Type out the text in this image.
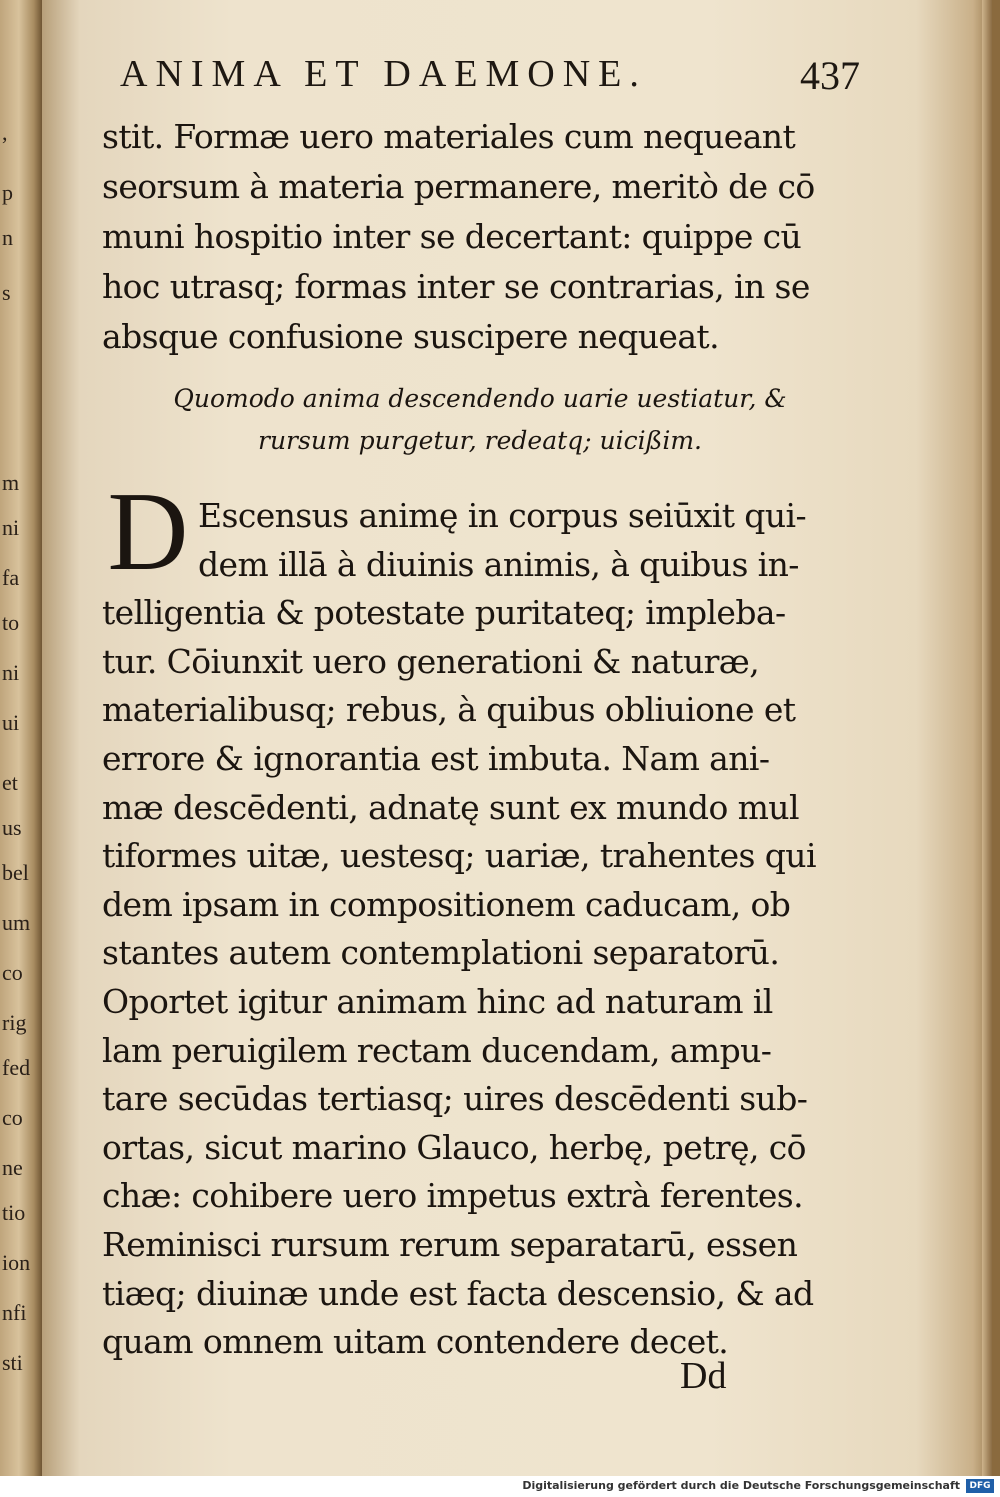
,
p
n
s
m
ni
fa
to
ni
ui
et
us
bel
um
co
rig
fed
co
ne
tio
ion
nfi
sti
ANIMA ET DAEMONE.	437
stit. Formæ uero materiales cum nequeant
seorsum à materia permanere, meritò de cō
muni hospitio inter se decertant: quippe cū
hoc utrasq; formas inter se contrarias, in se
absque confusione suscipere nequeat.
Quomodo anima descendendo uarie uestiatur, &
rursum purgetur, redeatq; uicißim.
D Escensus animę in corpus seiūxit qui-
dem illā à diuinis animis, à quibus in-
telligentia & potestate puritateq; impleba-
tur. Cōiunxit uero generationi & naturæ,
materialibusq; rebus, à quibus obliuione et
errore & ignorantia est imbuta. Nam ani-
mæ descēdenti, adnatę sunt ex mundo mul
tiformes uitæ, uestesq; uariæ, trahentes qui
dem ipsam in compositionem caducam, ob
stantes autem contemplationi separatorū.
Oportet igitur animam hinc ad naturam il
lam peruigilem rectam ducendam, ampu-
tare secūdas tertiasq; uires descēdenti sub-
ortas, sicut marino Glauco, herbę, petrę, cō
chæ: cohibere uero impetus extrà ferentes.
Reminisci rursum rerum separatarū, essen
tiæq; diuinæ unde est facta descensio, & ad
quam omnem uitam contendere decet.
Dd
Digitalisierung gefördert durch die Deutsche Forschungsgemeinschaft	DFG
